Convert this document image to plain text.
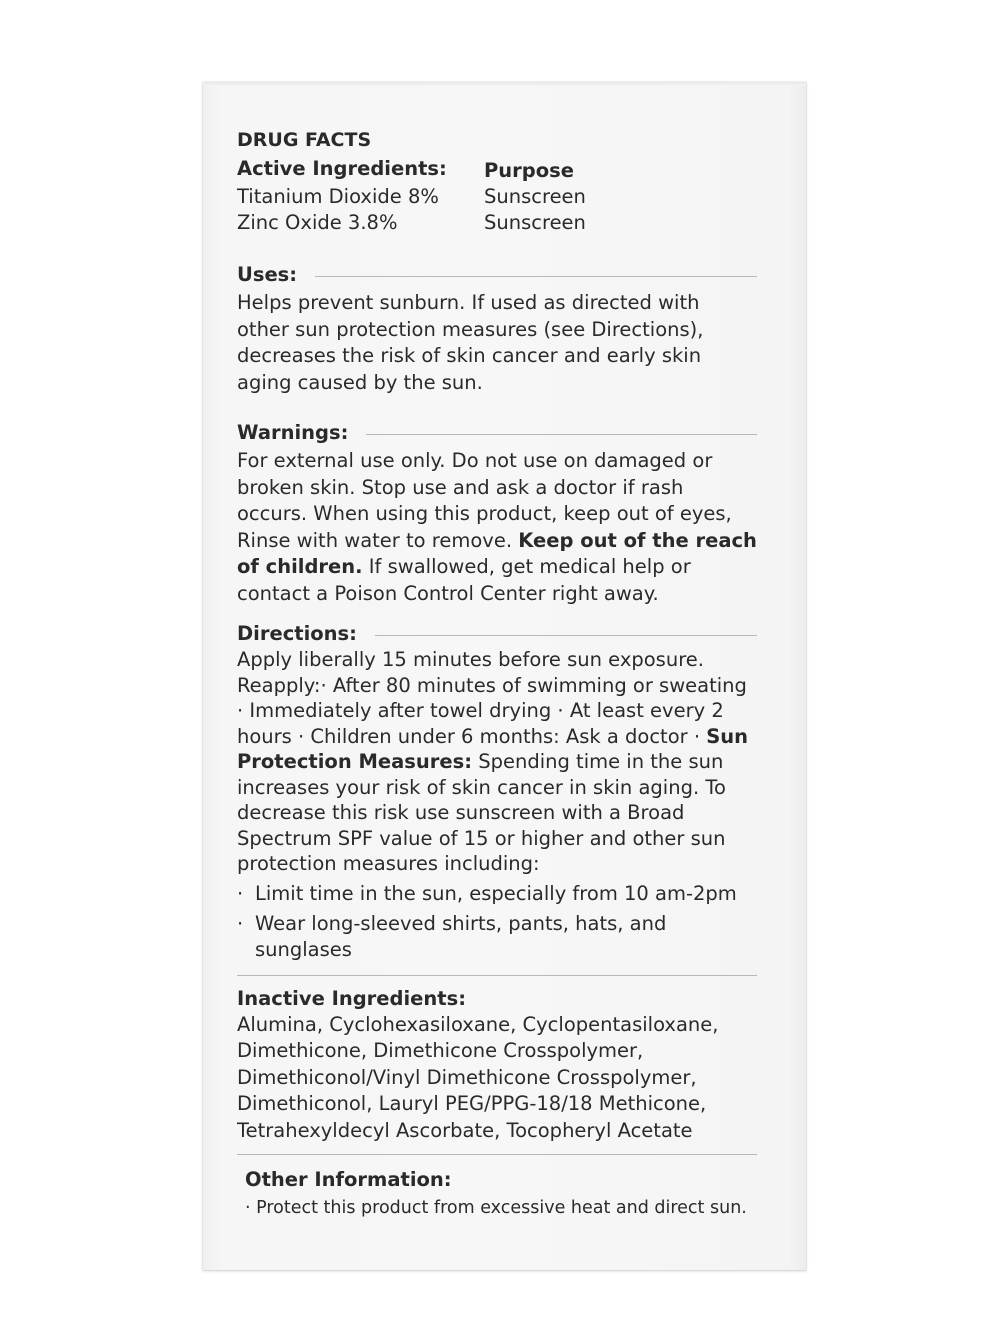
DRUG FACTS
Active Ingredients:	Purpose
Titanium Dioxide 8%	Sunscreen
Zinc Oxide 3.8%	Sunscreen
Uses:
Helps prevent sunburn. If used as directed with other sun protection measures (see Directions), decreases the risk of skin cancer and early skin aging caused by the sun.
Warnings:
For external use only. Do not use on damaged or broken skin. Stop use and ask a doctor if rash occurs. When using this product, keep out of eyes, Rinse with water to remove. Keep out of the reach of children. If swallowed, get medical help or contact a Poison Control Center right away.
Directions:
Apply liberally 15 minutes before sun exposure. Reapply:· After 80 minutes of swimming or sweating · Immediately after towel drying · At least every 2 hours · Children under 6 months: Ask a doctor · Sun Protection Measures: Spending time in the sun increases your risk of skin cancer in skin aging. To decrease this risk use sunscreen with a Broad Spectrum SPF value of 15 or higher and other sun protection measures including:
· Limit time in the sun, especially from 10 am-2pm
· Wear long-sleeved shirts, pants, hats, and sunglases
Inactive Ingredients:
Alumina, Cyclohexasiloxane, Cyclopentasiloxane, Dimethicone, Dimethicone Crosspolymer, Dimethiconol/Vinyl Dimethicone Crosspolymer, Dimethiconol, Lauryl PEG/PPG-18/18 Methicone, Tetrahexyldecyl Ascorbate, Tocopheryl Acetate
Other Information:
· Protect this product from excessive heat and direct sun.
